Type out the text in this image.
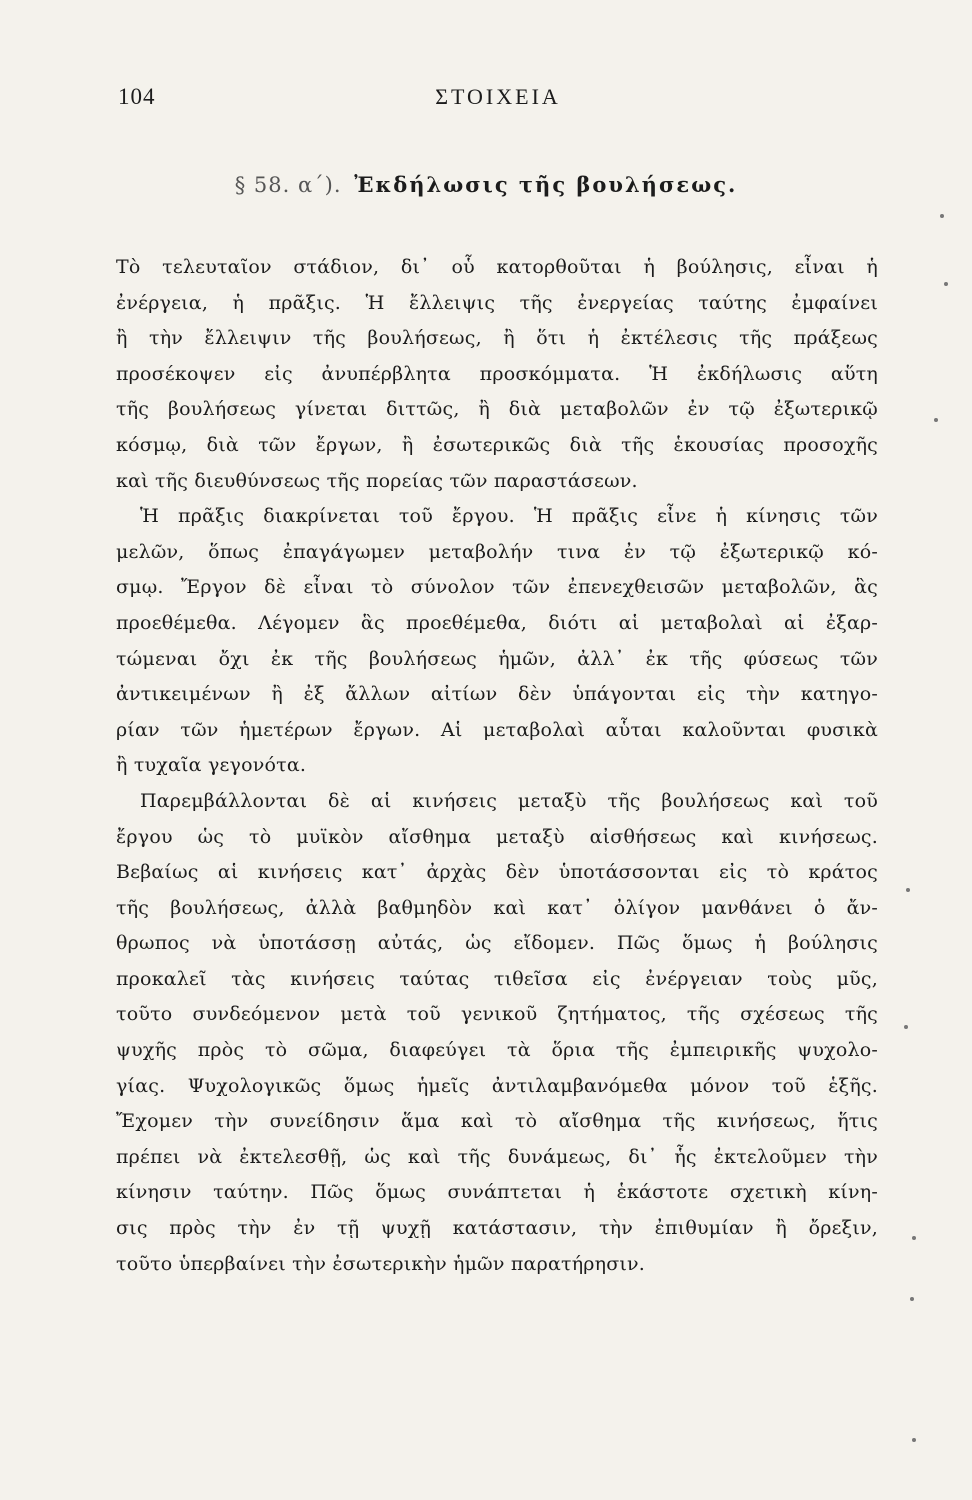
104	ΣΤΟΙΧΕΙΑ
§ 58. α΄). Ἐκδήλωσις τῆς βουλήσεως.
Τὸ τελευταῖον στάδιον, δι᾽ οὗ κατορθοῦται ἡ βούλησις, εἶναι ἡ
ἐνέργεια, ἡ πρᾶξις. Ἡ ἔλλειψις τῆς ἐνεργείας ταύτης ἐμφαίνει
ἢ τὴν ἔλλειψιν τῆς βουλήσεως, ἢ ὅτι ἡ ἐκτέλεσις τῆς πράξεως
προσέκοψεν εἰς ἀνυπέρβλητα προσκόμματα. Ἡ ἐκδήλωσις αὕτη
τῆς βουλήσεως γίνεται διττῶς, ἢ διὰ μεταβολῶν ἐν τῷ ἐξωτερικῷ
κόσμῳ, διὰ τῶν ἔργων, ἢ ἐσωτερικῶς διὰ τῆς ἑκουσίας προσοχῆς
καὶ τῆς διευθύνσεως τῆς πορείας τῶν παραστάσεων.
Ἡ πρᾶξις διακρίνεται τοῦ ἔργου. Ἡ πρᾶξις εἶνε ἡ κίνησις τῶν
μελῶν, ὅπως ἐπαγάγωμεν μεταβολήν τινα ἐν τῷ ἐξωτερικῷ κό-
σμῳ. Ἔργον δὲ εἶναι τὸ σύνολον τῶν ἐπενεχθεισῶν μεταβολῶν, ἃς
προεθέμεθα. Λέγομεν ἃς προεθέμεθα, διότι αἱ μεταβολαὶ αἱ ἐξαρ-
τώμεναι ὄχι ἐκ τῆς βουλήσεως ἡμῶν, ἀλλ᾽ ἐκ τῆς φύσεως τῶν
ἀντικειμένων ἢ ἐξ ἄλλων αἰτίων δὲν ὑπάγονται εἰς τὴν κατηγο-
ρίαν τῶν ἡμετέρων ἔργων. Αἱ μεταβολαὶ αὗται καλοῦνται φυσικὰ
ἢ τυχαῖα γεγονότα.
Παρεμβάλλονται δὲ αἱ κινήσεις μεταξὺ τῆς βουλήσεως καὶ τοῦ
ἔργου ὡς τὸ μυϊκὸν αἴσθημα μεταξὺ αἰσθήσεως καὶ κινήσεως.
Βεβαίως αἱ κινήσεις κατ᾽ ἀρχὰς δὲν ὑποτάσσονται εἰς τὸ κράτος
τῆς βουλήσεως, ἀλλὰ βαθμηδὸν καὶ κατ᾽ ὀλίγον μανθάνει ὁ ἄν-
θρωπος νὰ ὑποτάσσῃ αὐτάς, ὡς εἴδομεν. Πῶς ὅμως ἡ βούλησις
προκαλεῖ τὰς κινήσεις ταύτας τιθεῖσα εἰς ἐνέργειαν τοὺς μῦς,
τοῦτο συνδεόμενον μετὰ τοῦ γενικοῦ ζητήματος, τῆς σχέσεως τῆς
ψυχῆς πρὸς τὸ σῶμα, διαφεύγει τὰ ὅρια τῆς ἐμπειρικῆς ψυχολο-
γίας. Ψυχολογικῶς ὅμως ἡμεῖς ἀντιλαμβανόμεθα μόνον τοῦ ἑξῆς.
Ἔχομεν τὴν συνείδησιν ἅμα καὶ τὸ αἴσθημα τῆς κινήσεως, ἥτις
πρέπει νὰ ἐκτελεσθῇ, ὡς καὶ τῆς δυνάμεως, δι᾽ ἧς ἐκτελοῦμεν τὴν
κίνησιν ταύτην. Πῶς ὅμως συνάπτεται ἡ ἑκάστοτε σχετικὴ κίνη-
σις πρὸς τὴν ἐν τῇ ψυχῇ κατάστασιν, τὴν ἐπιθυμίαν ἢ ὄρεξιν,
τοῦτο ὑπερβαίνει τὴν ἐσωτερικὴν ἡμῶν παρατήρησιν.
